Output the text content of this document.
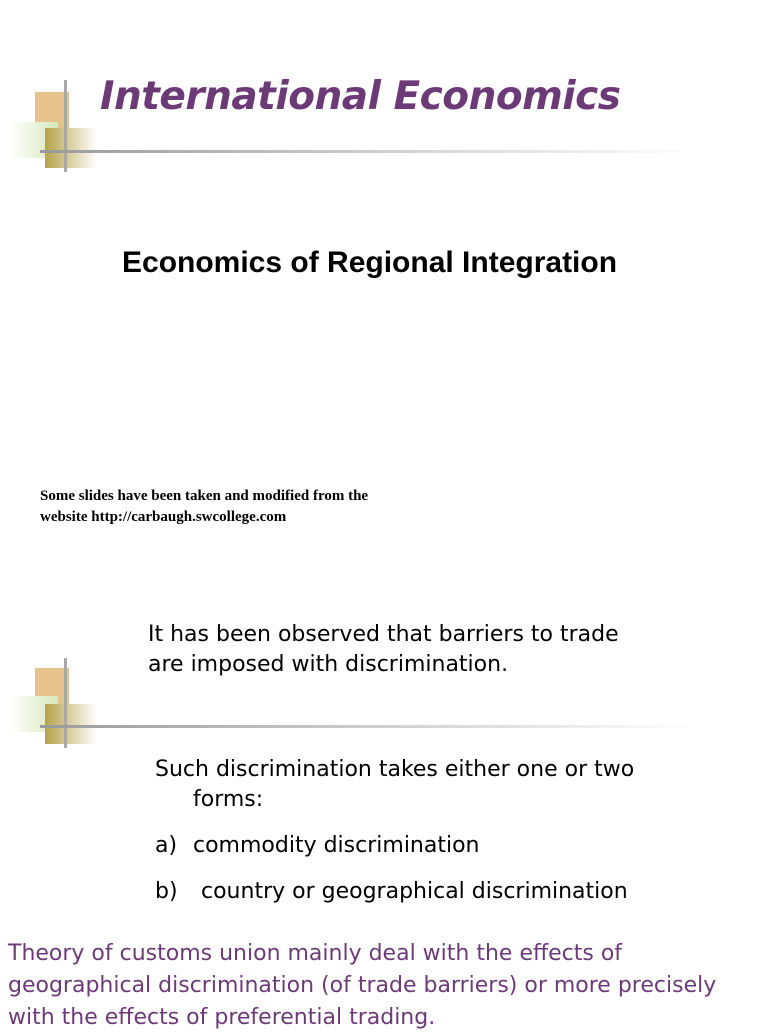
International Economics
Economics of Regional Integration
Some slides have been taken and modified from the
website http://carbaugh.swcollege.com
It has been observed that barriers to trade
are imposed with discrimination.
Such discrimination takes either one or two
forms:
a) commodity discrimination
b) country or geographical discrimination
Theory of customs union mainly deal with the effects of
geographical discrimination (of trade barriers) or more precisely
with the effects of preferential trading.
